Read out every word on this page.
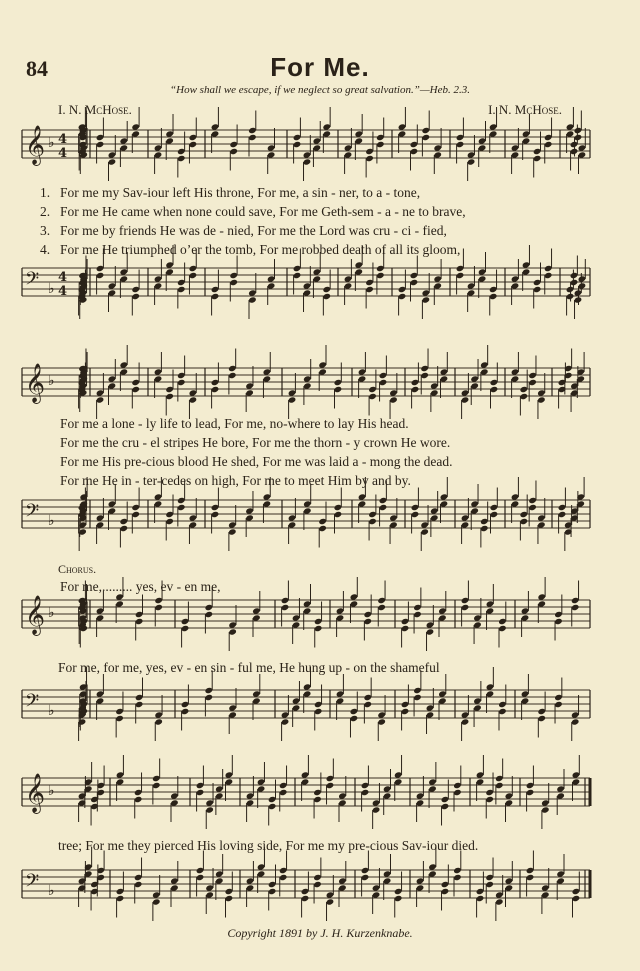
84	For Me.
“How shall we escape, if we neglect so great salvation.”—Heb. 2.3.
I. N. McHose.	I. N. McHose.
𝄞 ♭ 4
4
𝄢 ♭
4
4
𝄞 ♭
𝄢 ♭
𝄞 ♭
𝄢 ♭
𝄞 ♭
𝄢 ♭
1. For me my Sav-iour left His throne, For me, a sin - ner, to a - tone,
2. For me He came when none could save, For me Geth-sem - a - ne to brave,
3. For me by friends He was de - nied, For me the Lord was cru - ci - fied,
4. For me He triumphed o’er the tomb, For me robbed death of all its gloom,
For me a lone - ly life to lead, For me, no-where to lay His head.
For me the cru - el stripes He bore, For me the thorn - y crown He wore.
For me His pre-cious blood He shed, For me was laid a - mong the dead.
For me He in - ter-cedes on high, For me to meet Him by and by.
Chorus.
For me,......... yes, ev - en me,
For me, for me, yes, ev - en sin - ful me, He hung up - on the shameful
tree; For me they pierced His loving side, For me my pre-cious Sav-iour died.
Copyright 1891 by J. H. Kurzenknabe.
